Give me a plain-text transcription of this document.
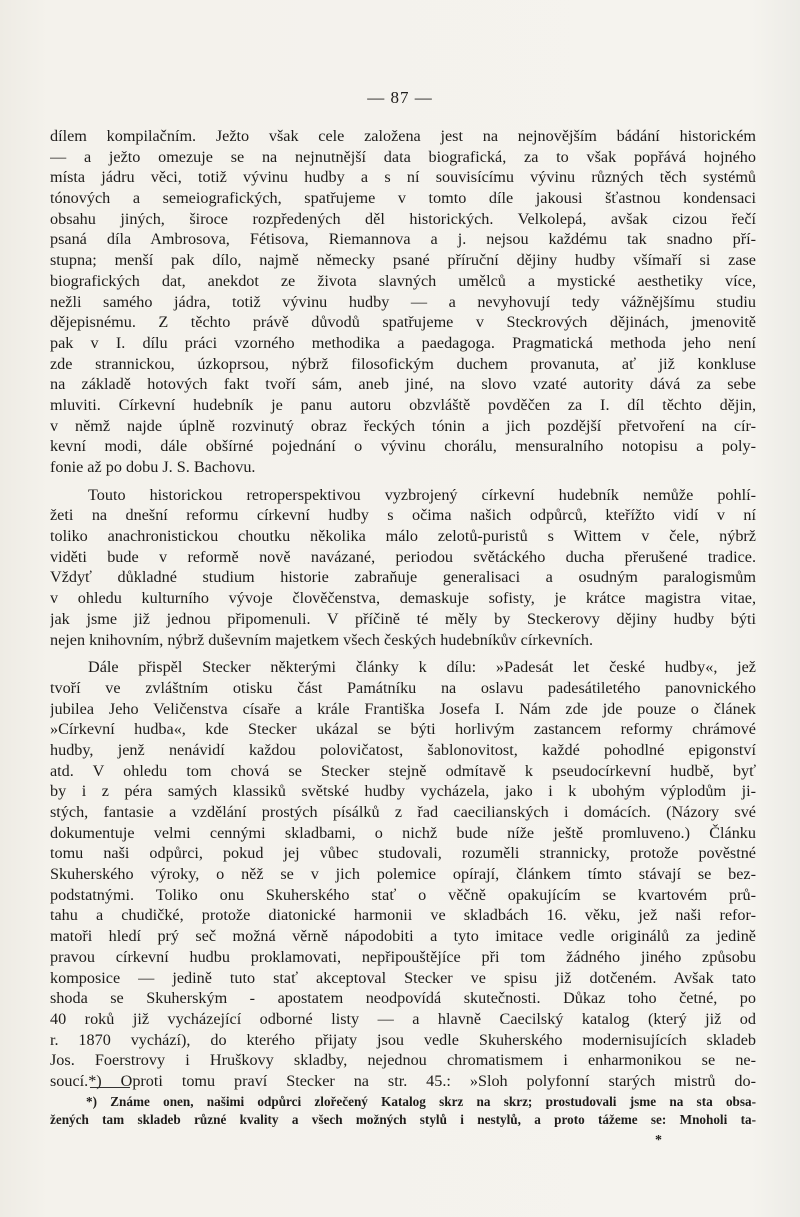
— 87 —
dílem kompilačním. Ježto však cele založena jest na nejnovějším bádání historickém
— a ježto omezuje se na nejnutnější data biografická, za to však popřává hojného
místa jádru věci, totiž vývinu hudby a s ní souvisícímu vývinu různých těch systémů
tónových a semeiografických, spatřujeme v tomto díle jakousi šťastnou kondensaci
obsahu jiných, široce rozpředených děl historických. Velkolepá, avšak cizou řečí
psaná díla Ambrosova, Fétisova, Riemannova a j. nejsou každému tak snadno pří-
stupna; menší pak dílo, najmě německy psané příruční dějiny hudby všímaří si zase
biografických dat, anekdot ze života slavných umělců a mystické aesthetiky více,
nežli samého jádra, totiž vývinu hudby — a nevyhovují tedy vážnějšímu studiu
dějepisnému. Z těchto právě důvodů spatřujeme v Steckrových dějinách, jmenovitě
pak v I. dílu práci vzorného methodika a paedagoga. Pragmatická methoda jeho není
zde strannickou, úzkoprsou, nýbrž filosofickým duchem provanuta, ať již konkluse
na základě hotových fakt tvoří sám, aneb jiné, na slovo vzaté autority dává za sebe
mluviti. Církevní hudebník je panu autoru obzvláště povděčen za I. díl těchto dějin,
v němž najde úplně rozvinutý obraz řeckých tónin a jich pozdější přetvoření na cír-
kevní modi, dále obšírné pojednání o vývinu chorálu, mensuralního notopisu a poly-
fonie až po dobu J. S. Bachovu.
Touto historickou retroperspektivou vyzbrojený církevní hudebník nemůže pohlí-
žeti na dnešní reformu církevní hudby s očima našich odpůrců, kteřížto vidí v ní
toliko anachronistickou choutku několika málo zelotů-puristů s Wittem v čele, nýbrž
viděti bude v reformě nově navázané, periodou světáckého ducha přerušené tradice.
Vždyť důkladné studium historie zabraňuje generalisaci a osudným paralogismům
v ohledu kulturního vývoje člověčenstva, demaskuje sofisty, je krátce magistra vitae,
jak jsme již jednou připomenuli. V příčině té měly by Steckerovy dějiny hudby býti
nejen knihovním, nýbrž duševním majetkem všech českých hudebníkův církevních.
Dále přispěl Stecker některými články k dílu: »Padesát let české hudby«, jež
tvoří ve zvláštním otisku část Památníku na oslavu padesátiletého panovnického
jubilea Jeho Veličenstva císaře a krále Františka Josefa I. Nám zde jde pouze o článek
»Církevní hudba«, kde Stecker ukázal se býti horlivým zastancem reformy chrámové
hudby, jenž nenávidí každou polovičatost, šablonovitost, každé pohodlné epigonství
atd. V ohledu tom chová se Stecker stejně odmítavě k pseudocírkevní hudbě, byť
by i z péra samých klassiků světské hudby vycházela, jako i k ubohým výplodům ji-
stých, fantasie a vzdělání prostých písálků z řad caecilianských i domácích. (Názory své
dokumentuje velmi cennými skladbami, o nichž bude níže ještě promluveno.) Článku
tomu naši odpůrci, pokud jej vůbec studovali, rozuměli strannicky, protože pověstné
Skuherského výroky, o něž se v jich polemice opírají, článkem tímto stávají se bez-
podstatnými. Toliko onu Skuherského stať o věčně opakujícím se kvartovém prů-
tahu a chudičké, protože diatonické harmonii ve skladbách 16. věku, jež naši refor-
matoři hledí prý seč možná věrně nápodobiti a tyto imitace vedle originálů za jedině
pravou církevní hudbu proklamovati, nepřipouštějíce při tom žádného jiného způsobu
komposice — jedině tuto stať akceptoval Stecker ve spisu již dotčeném. Avšak tato
shoda se Skuherským - apostatem neodpovídá skutečnosti. Důkaz toho četné, po
40 roků již vycházející odborné listy — a hlavně Caecilský katalog (který již od
r. 1870 vychází), do kterého přijaty jsou vedle Skuherského modernisujících skladeb
Jos. Foerstrovy i Hruškovy skladby, nejednou chromatismem i enharmonikou se ne-
soucí.*) Oproti tomu praví Stecker na str. 45.: »Sloh polyfonní starých mistrů do-
*) Známe onen, našimi odpůrci zlořečený Katalog skrz na skrz; prostudovali jsme na sta obsa-
žených tam skladeb různé kvality a všech možných stylů i nestylů, a proto tážeme se: Mnoholi ta-
*
